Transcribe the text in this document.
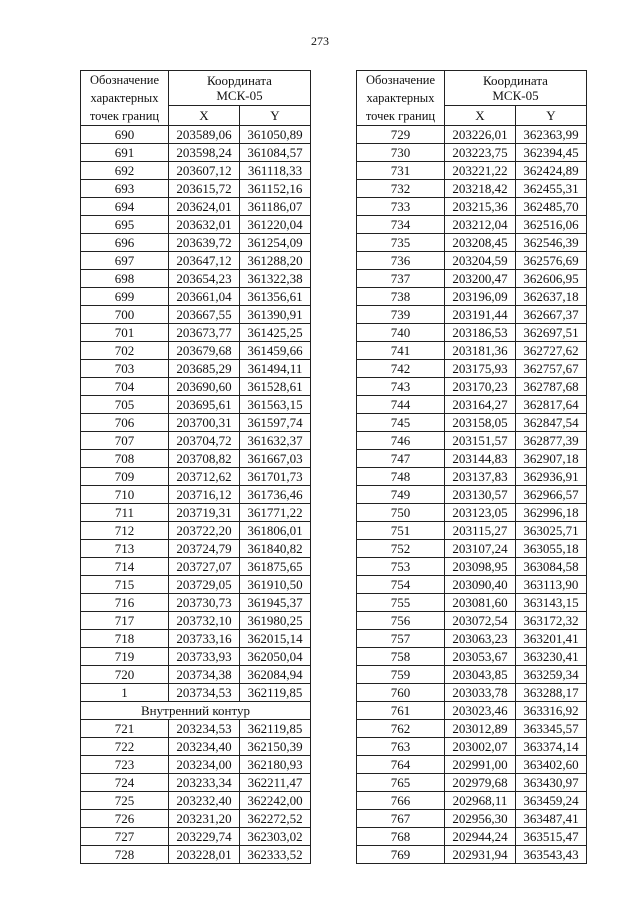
273
Обозначение
характерных
точек границ	Координата
МСК-05	
	X	Y
690	203589,06	361050,89
691	203598,24	361084,57
692	203607,12	361118,33
693	203615,72	361152,16
694	203624,01	361186,07
695	203632,01	361220,04
696	203639,72	361254,09
697	203647,12	361288,20
698	203654,23	361322,38
699	203661,04	361356,61
700	203667,55	361390,91
701	203673,77	361425,25
702	203679,68	361459,66
703	203685,29	361494,11
704	203690,60	361528,61
705	203695,61	361563,15
706	203700,31	361597,74
707	203704,72	361632,37
708	203708,82	361667,03
709	203712,62	361701,73
710	203716,12	361736,46
711	203719,31	361771,22
712	203722,20	361806,01
713	203724,79	361840,82
714	203727,07	361875,65
715	203729,05	361910,50
716	203730,73	361945,37
717	203732,10	361980,25
718	203733,16	362015,14
719	203733,93	362050,04
720	203734,38	362084,94
1	203734,53	362119,85
Внутренний контур		
721	203234,53	362119,85
722	203234,40	362150,39
723	203234,00	362180,93
724	203233,34	362211,47
725	203232,40	362242,00
726	203231,20	362272,52
727	203229,74	362303,02
728	203228,01	362333,52
Обозначение
характерных
точек границ	Координата
МСК-05	
	X	Y
729	203226,01	362363,99
730	203223,75	362394,45
731	203221,22	362424,89
732	203218,42	362455,31
733	203215,36	362485,70
734	203212,04	362516,06
735	203208,45	362546,39
736	203204,59	362576,69
737	203200,47	362606,95
738	203196,09	362637,18
739	203191,44	362667,37
740	203186,53	362697,51
741	203181,36	362727,62
742	203175,93	362757,67
743	203170,23	362787,68
744	203164,27	362817,64
745	203158,05	362847,54
746	203151,57	362877,39
747	203144,83	362907,18
748	203137,83	362936,91
749	203130,57	362966,57
750	203123,05	362996,18
751	203115,27	363025,71
752	203107,24	363055,18
753	203098,95	363084,58
754	203090,40	363113,90
755	203081,60	363143,15
756	203072,54	363172,32
757	203063,23	363201,41
758	203053,67	363230,41
759	203043,85	363259,34
760	203033,78	363288,17
761	203023,46	363316,92
762	203012,89	363345,57
763	203002,07	363374,14
764	202991,00	363402,60
765	202979,68	363430,97
766	202968,11	363459,24
767	202956,30	363487,41
768	202944,24	363515,47
769	202931,94	363543,43
